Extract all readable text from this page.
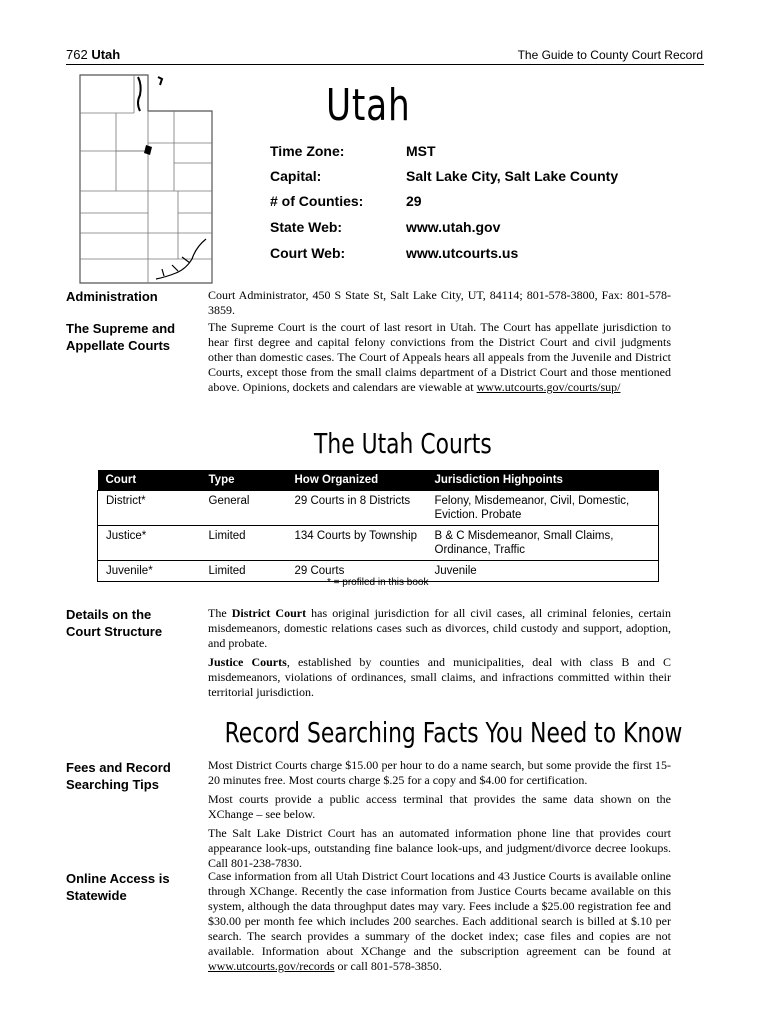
762 Utah	The Guide to County Court Record
Utah
Time Zone:	MST
Capital:	Salt Lake City, Salt Lake County
# of Counties:	29
State Web:	www.utah.gov
Court Web:	www.utcourts.us
Administration	Court Administrator, 450 S State St, Salt Lake City, UT, 84114; 801-578-3800, Fax: 801-578-3859.

The Supreme and
Appellate Courts

The Supreme Court is the court of last resort in Utah. The Court has appellate jurisdiction to hear first degree and capital felony convictions from the District Court and civil judgments other than domestic cases. The Court of Appeals hears all appeals from the Juvenile and District Courts, except those from the small claims department of a District Court and those mentioned above. Opinions, dockets and calendars are viewable at www.utcourts.gov/courts/sup/

The Utah Courts
Court	Type	How Organized	Jurisdiction Highpoints
District*	General	29 Courts in 8 Districts	Felony, Misdemeanor, Civil, Domestic, Eviction. Probate
Justice*	Limited	134 Courts by Township	B & C Misdemeanor, Small Claims, Ordinance, Traffic
Juvenile*	Limited	29 Courts	Juvenile
* = profiled in this book
Details on the
Court Structure

The District Court has original jurisdiction for all civil cases, all criminal felonies, certain misdemeanors, domestic relations cases such as divorces, child custody and support, adoption, and probate.

Justice Courts, established by counties and municipalities, deal with class B and C misdemeanors, violations of ordinances, small claims, and infractions committed within their territorial jurisdiction.

Record Searching Facts You Need to Know
Fees and Record
Searching Tips

Most District Courts charge $15.00 per hour to do a name search, but some provide the first 15-20 minutes free. Most courts charge $.25 for a copy and $4.00 for certification.

Most courts provide a public access terminal that provides the same data shown on the XChange – see below.

The Salt Lake District Court has an automated information phone line that provides court appearance look-ups, outstanding fine balance look-ups, and judgment/divorce decree lookups. Call 801-238-7830.

Online Access is
Statewide

Case information from all Utah District Court locations and 43 Justice Courts is available online through XChange. Recently the case information from Justice Courts became available on this system, although the data throughput dates may vary. Fees include a $25.00 registration fee and $30.00 per month fee which includes 200 searches. Each additional search is billed at $.10 per search. The search provides a summary of the docket index; case files and copies are not available. Information about XChange and the subscription agreement can be found at www.utcourts.gov/records or call 801-578-3850.
